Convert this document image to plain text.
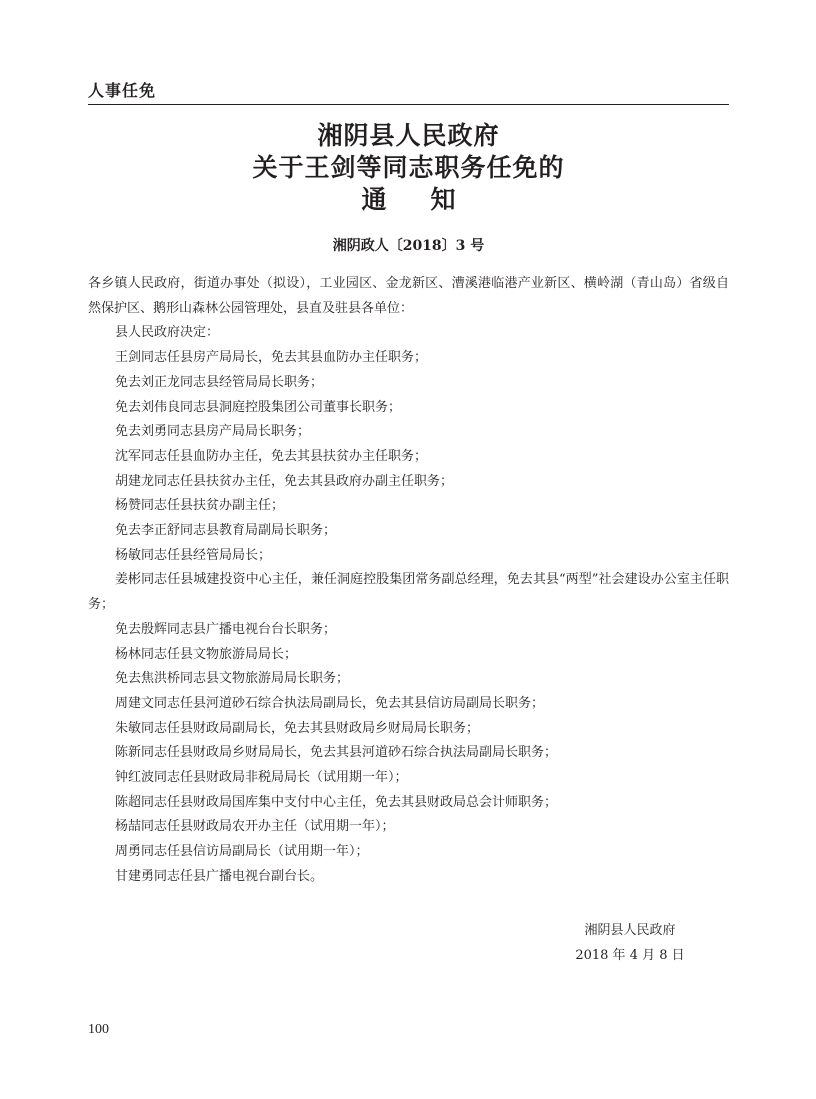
人事任免
湘阴县人民政府
关于王剑等同志职务任免的
通 知
湘阴政人〔2018〕3 号

各乡镇人民政府，街道办事处（拟设），工业园区、金龙新区、漕溪港临港产业新区、横岭湖（青山岛）省级自然保护区、鹅形山森林公园管理处，县直及驻县各单位：

县人民政府决定：

王剑同志任县房产局局长，免去其县血防办主任职务；

免去刘正龙同志县经管局局长职务；

免去刘伟良同志县洞庭控股集团公司董事长职务；

免去刘勇同志县房产局局长职务；

沈军同志任县血防办主任，免去其县扶贫办主任职务；

胡建龙同志任县扶贫办主任，免去其县政府办副主任职务；

杨赞同志任县扶贫办副主任；

免去李正舒同志县教育局副局长职务；

杨敏同志任县经管局局长；

姜彬同志任县城建投资中心主任，兼任洞庭控股集团常务副总经理，免去其县“两型”社会建设办公室主任职务；

免去殷辉同志县广播电视台台长职务；

杨林同志任县文物旅游局局长；

免去焦洪桥同志县文物旅游局局长职务；

周建文同志任县河道砂石综合执法局副局长，免去其县信访局副局长职务；

朱敏同志任县财政局副局长，免去其县财政局乡财局局长职务；

陈新同志任县财政局乡财局局长，免去其县河道砂石综合执法局副局长职务；

钟红波同志任县财政局非税局局长（试用期一年）；

陈超同志任县财政局国库集中支付中心主任，免去其县财政局总会计师职务；

杨喆同志任县财政局农开办主任（试用期一年）；

周勇同志任县信访局副局长（试用期一年）；

甘建勇同志任县广播电视台副台长。

湘阴县人民政府
2018 年 4 月 8 日
100
